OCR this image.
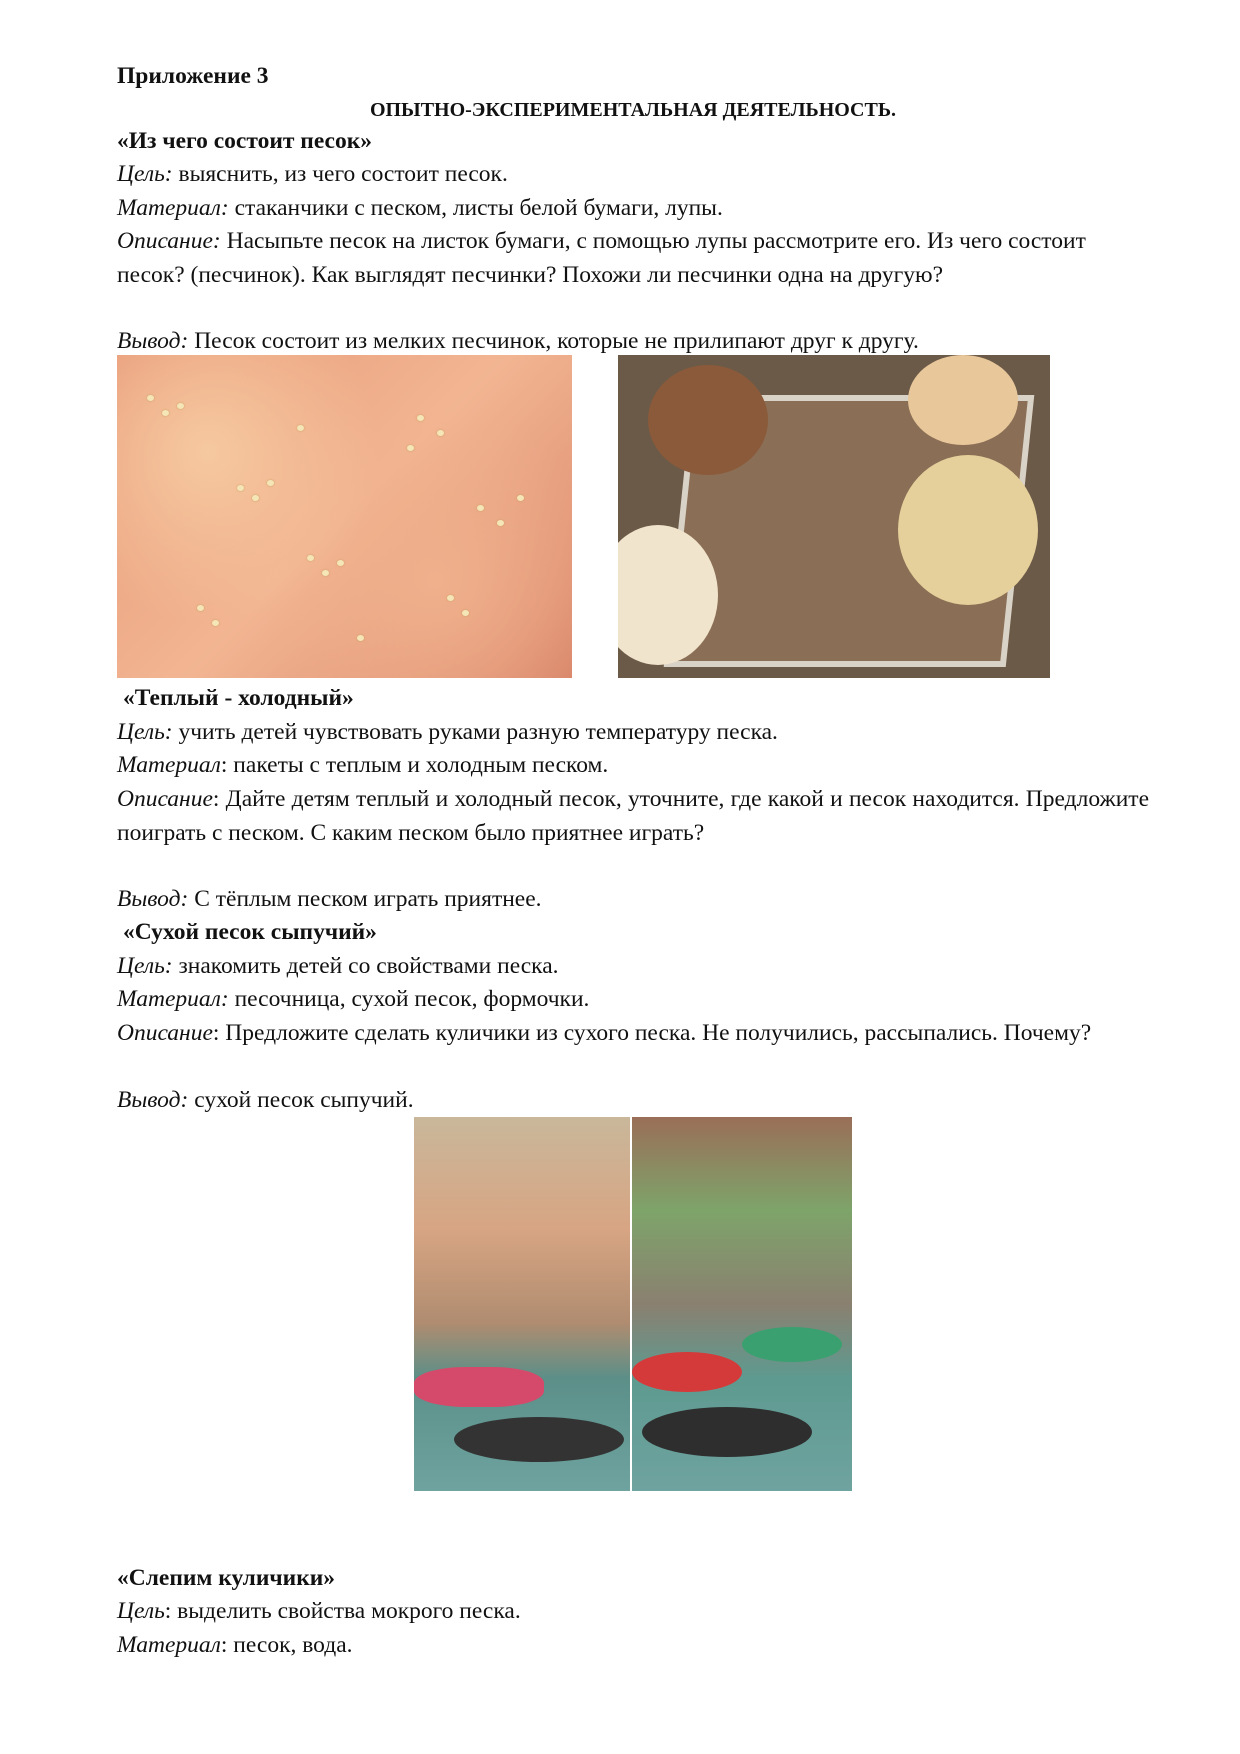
Приложение 3
ОПЫТНО-ЭКСПЕРИМЕНТАЛЬНАЯ ДЕЯТЕЛЬНОСТЬ.
«Из чего состоит песок»
Цель: выяснить, из чего состоит песок.
Материал: стаканчики с песком, листы белой бумаги, лупы.
Описание: Насыпьте песок на листок бумаги, с помощью лупы рассмотрите его. Из чего состоит песок? (песчинок). Как выглядят песчинки? Похожи ли песчинки одна на другую?
Вывод: Песок состоит из мелких песчинок, которые не прилипают друг к другу.
«Теплый - холодный»
Цель: учить детей чувствовать руками разную температуру песка.
Материал: пакеты с теплым и холодным песком.
Описание: Дайте детям теплый и холодный песок, уточните, где какой и песок находится. Предложите поиграть с песком. С каким песком было приятнее играть?
Вывод: С тёплым песком играть приятнее.
«Сухой песок сыпучий»
Цель: знакомить детей со свойствами песка.
Материал: песочница, сухой песок, формочки.
Описание: Предложите сделать куличики из сухого песка. Не получились, рассыпались. Почему?
Вывод: сухой песок сыпучий.
«Слепим куличики»
Цель: выделить свойства мокрого песка.
Материал: песок, вода.
